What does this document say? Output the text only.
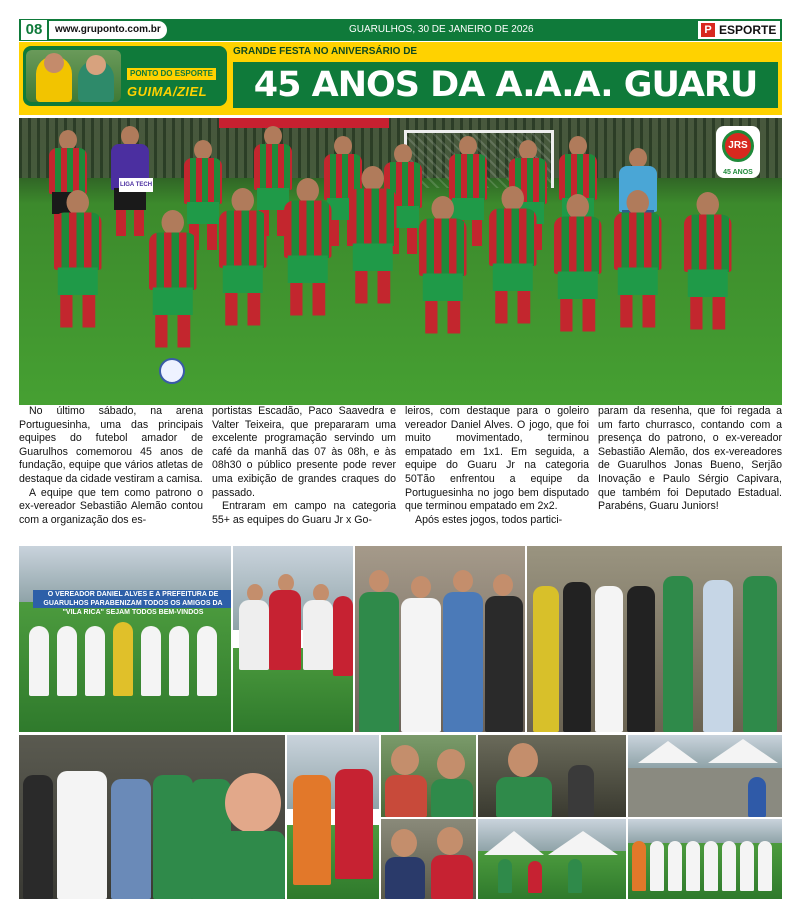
08	www.gruponto.com.br	GUARULHOS, 30 DE JANEIRO DE 2026	P ESPORTE
PONTO DO ESPORTE
GUIMA/ZIEL
GRANDE FESTA NO ANIVERSÁRIO DE
45 ANOS DA A.A.A. GUARU
JRS
45 ANOS
LIGA TECH

No último sábado, na arena Portuguesinha, uma das principais equipes do futebol amador de Guarulhos comemorou 45 anos de fundação, equipe que vários atletas de destaque da cidade vestiram a camisa.

A equipe que tem como patrono o ex-vereador Sebastião Alemão contou com a organização dos es-

portistas Escadão, Paco Saavedra e Valter Teixeira, que prepararam uma excelente programação servindo um café da manhã das 07 às 08h, e às 08h30 o público presente pode rever uma exibição de grandes craques do passado.

Entraram em campo na categoria 55+ as equipes do Guaru Jr x Go-

leiros, com destaque para o goleiro vereador Daniel Alves. O jogo, que foi muito movimentado, terminou empatado em 1x1. Em seguida, a equipe do Guaru Jr na categoria 50Tão enfrentou a equipe da Portuguesinha no jogo bem disputado que terminou empatado em 2x2.

Após estes jogos, todos partici-

param da resenha, que foi regada a um farto churrasco, contando com a presença do patrono, o ex-vereador Sebastião Alemão, dos ex-vereadores de Guarulhos Jonas Bueno, Serjão Inovação e Paulo Sérgio Capivara, que também foi Deputado Estadual. Parabéns, Guaru Juniors!

O VEREADOR DANIEL ALVES E A PREFEITURA DE GUARULHOS PARABENIZAM TODOS OS AMIGOS DA "VILA RICA" SEJAM TODOS BEM-VINDOS
